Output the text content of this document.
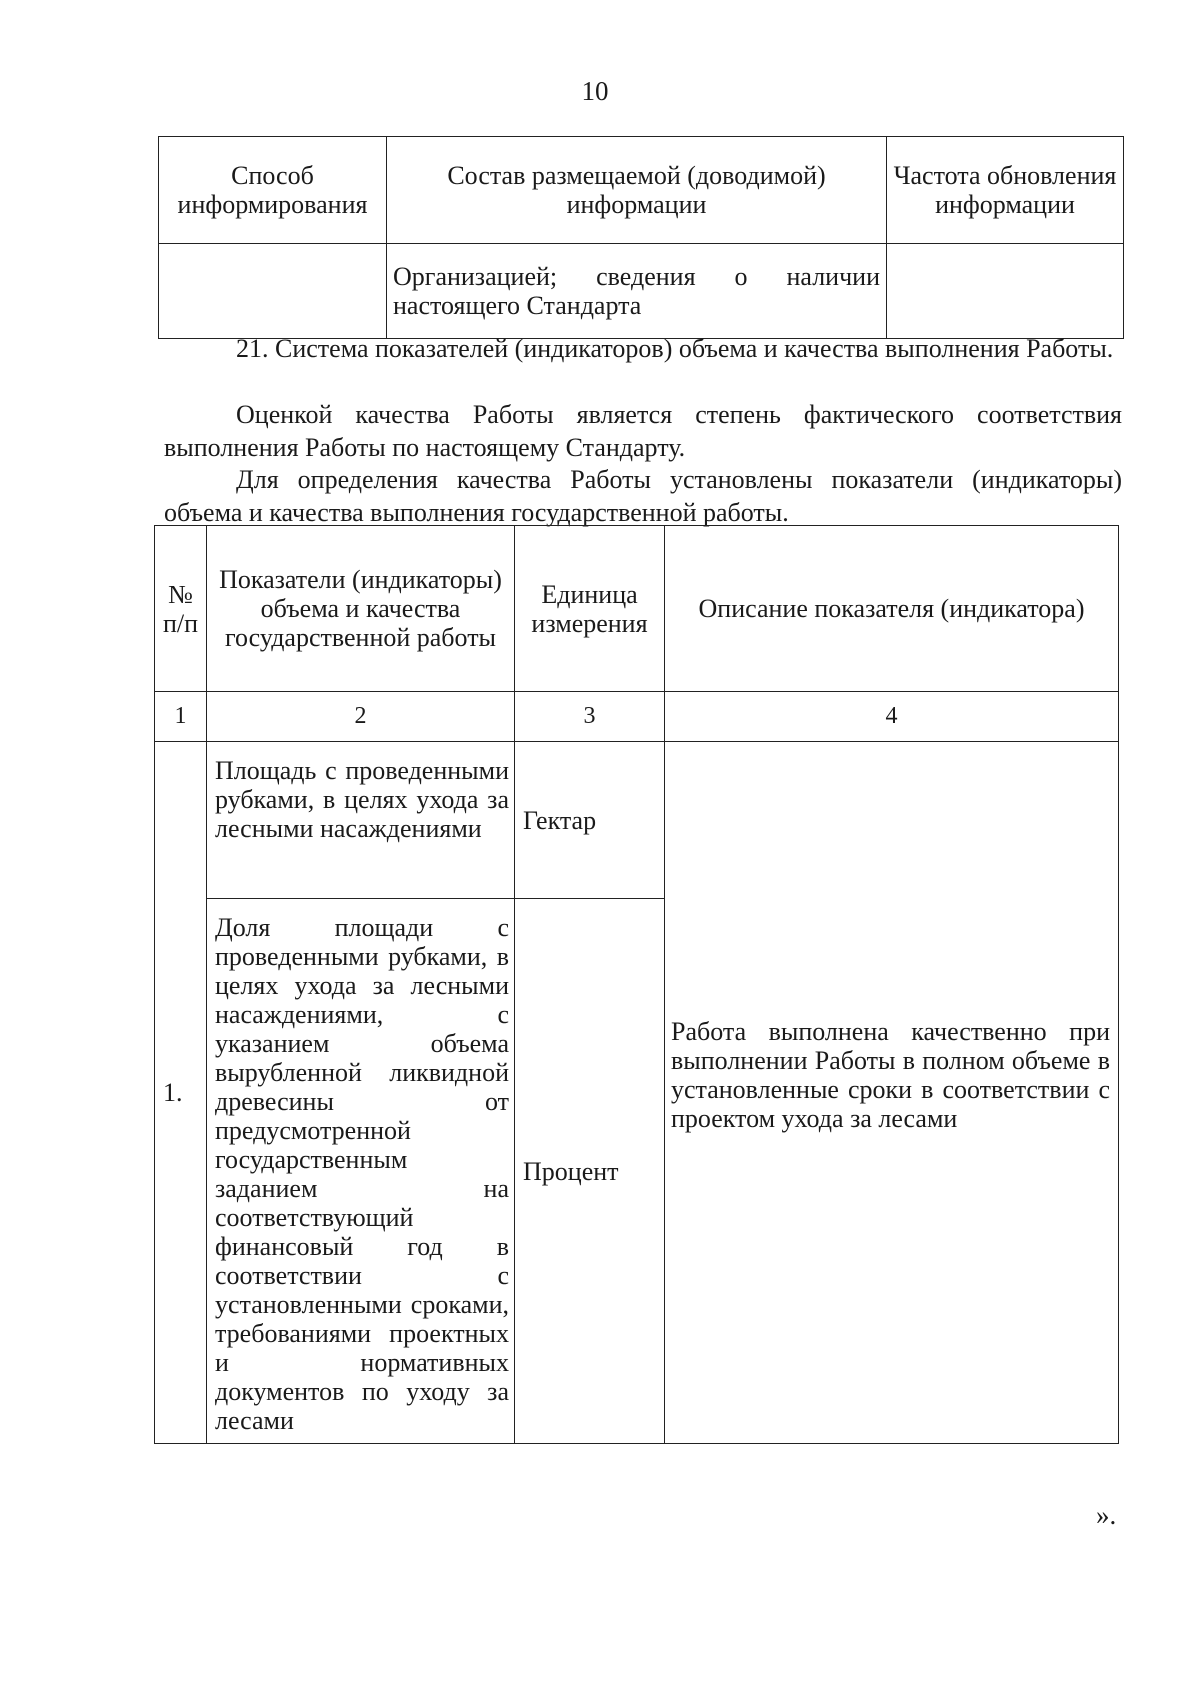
10
Способ информирования	Состав размещаемой (доводимой) информации	Частота обновления информации
	Организацией; сведения о наличии настоящего Стандарта	

21. Система показателей (индикаторов) объема и качества выполнения Работы.

Оценкой качества Работы является степень фактического соответствия выполнения Работы по настоящему Стандарту.

Для определения качества Работы установлены показатели (индикаторы) объема и качества выполнения государственной работы.

№ п/п	Показатели (индикаторы) объема и качества государственной работы	Единица измерения	Описание показателя (индикатора)
1	2	3	4
1.	Площадь с проведенными рубками, в целях ухода за лесными насаждениями	Гектар	Работа выполнена качественно при выполнении Работы в полном объеме в установленные сроки в соответствии с проектом ухода за лесами

	Доля площади с проведенными рубками, в целях ухода за лесными насаждениями, с указанием объема вырубленной ликвидной древесины от предусмотренной государственным заданием на соответствующий финансовый год в соответствии с установленными сроками, требованиями проектных и нормативных документов по уходу за лесами	Процент	
».
